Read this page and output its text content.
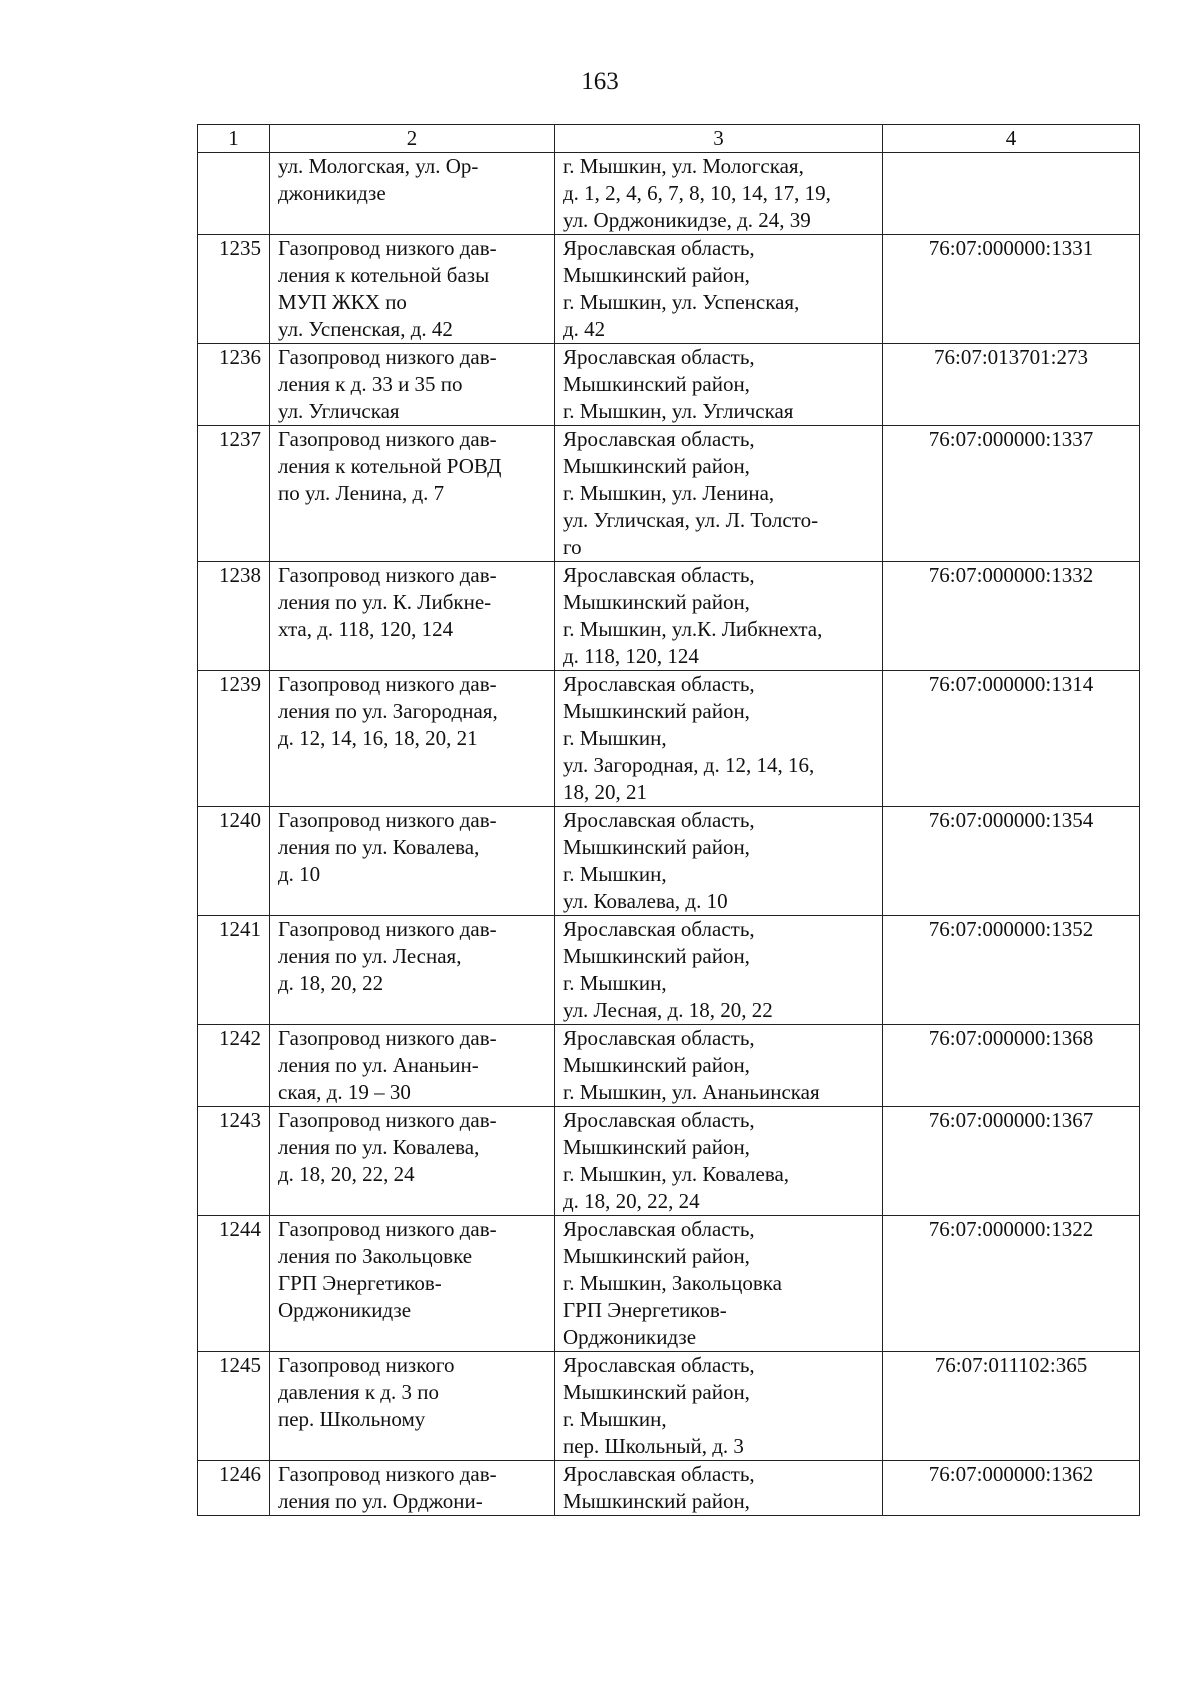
163
1	2	3	4
	ул. Мологская, ул. Ор-
джоникидзе	г. Мышкин, ул. Мологская,
д. 1, 2, 4, 6, 7, 8, 10, 14, 17, 19,
ул. Орджоникидзе, д. 24, 39	
1235	Газопровод низкого дав-
ления к котельной базы
МУП ЖКХ по
ул. Успенская, д. 42	Ярославская область,
Мышкинский район,
г. Мышкин, ул. Успенская,
д. 42	76:07:000000:1331
1236	Газопровод низкого дав-
ления к д. 33 и 35 по
ул. Угличская	Ярославская область,
Мышкинский район,
г. Мышкин, ул. Угличская	76:07:013701:273
1237	Газопровод низкого дав-
ления к котельной РОВД
по ул. Ленина, д. 7	Ярославская область,
Мышкинский район,
г. Мышкин, ул. Ленина,
ул. Угличская, ул. Л. Толсто-
го	76:07:000000:1337
1238	Газопровод низкого дав-
ления по ул. К. Либкне-
хта, д. 118, 120, 124	Ярославская область,
Мышкинский район,
г. Мышкин, ул.К. Либкнехта,
д. 118, 120, 124	76:07:000000:1332
1239	Газопровод низкого дав-
ления по ул. Загородная,
д. 12, 14, 16, 18, 20, 21	Ярославская область,
Мышкинский район,
г. Мышкин,
ул. Загородная, д. 12, 14, 16,
18, 20, 21	76:07:000000:1314
1240	Газопровод низкого дав-
ления по ул. Ковалева,
д. 10	Ярославская область,
Мышкинский район,
г. Мышкин,
ул. Ковалева, д. 10	76:07:000000:1354
1241	Газопровод низкого дав-
ления по ул. Лесная,
д. 18, 20, 22	Ярославская область,
Мышкинский район,
г. Мышкин,
ул. Лесная, д. 18, 20, 22	76:07:000000:1352
1242	Газопровод низкого дав-
ления по ул. Ананьин-
ская, д. 19 – 30	Ярославская область,
Мышкинский район,
г. Мышкин, ул. Ананьинская	76:07:000000:1368
1243	Газопровод низкого дав-
ления по ул. Ковалева,
д. 18, 20, 22, 24	Ярославская область,
Мышкинский район,
г. Мышкин, ул. Ковалева,
д. 18, 20, 22, 24	76:07:000000:1367
1244	Газопровод низкого дав-
ления по Закольцовке
ГРП Энергетиков-
Орджоникидзе	Ярославская область,
Мышкинский район,
г. Мышкин, Закольцовка
ГРП Энергетиков-
Орджоникидзе	76:07:000000:1322
1245	Газопровод низкого
давления к д. 3 по
пер. Школьному	Ярославская область,
Мышкинский район,
г. Мышкин,
пер. Школьный, д. 3	76:07:011102:365
1246	Газопровод низкого дав-
ления по ул. Орджони-	Ярославская область,
Мышкинский район,	76:07:000000:1362
